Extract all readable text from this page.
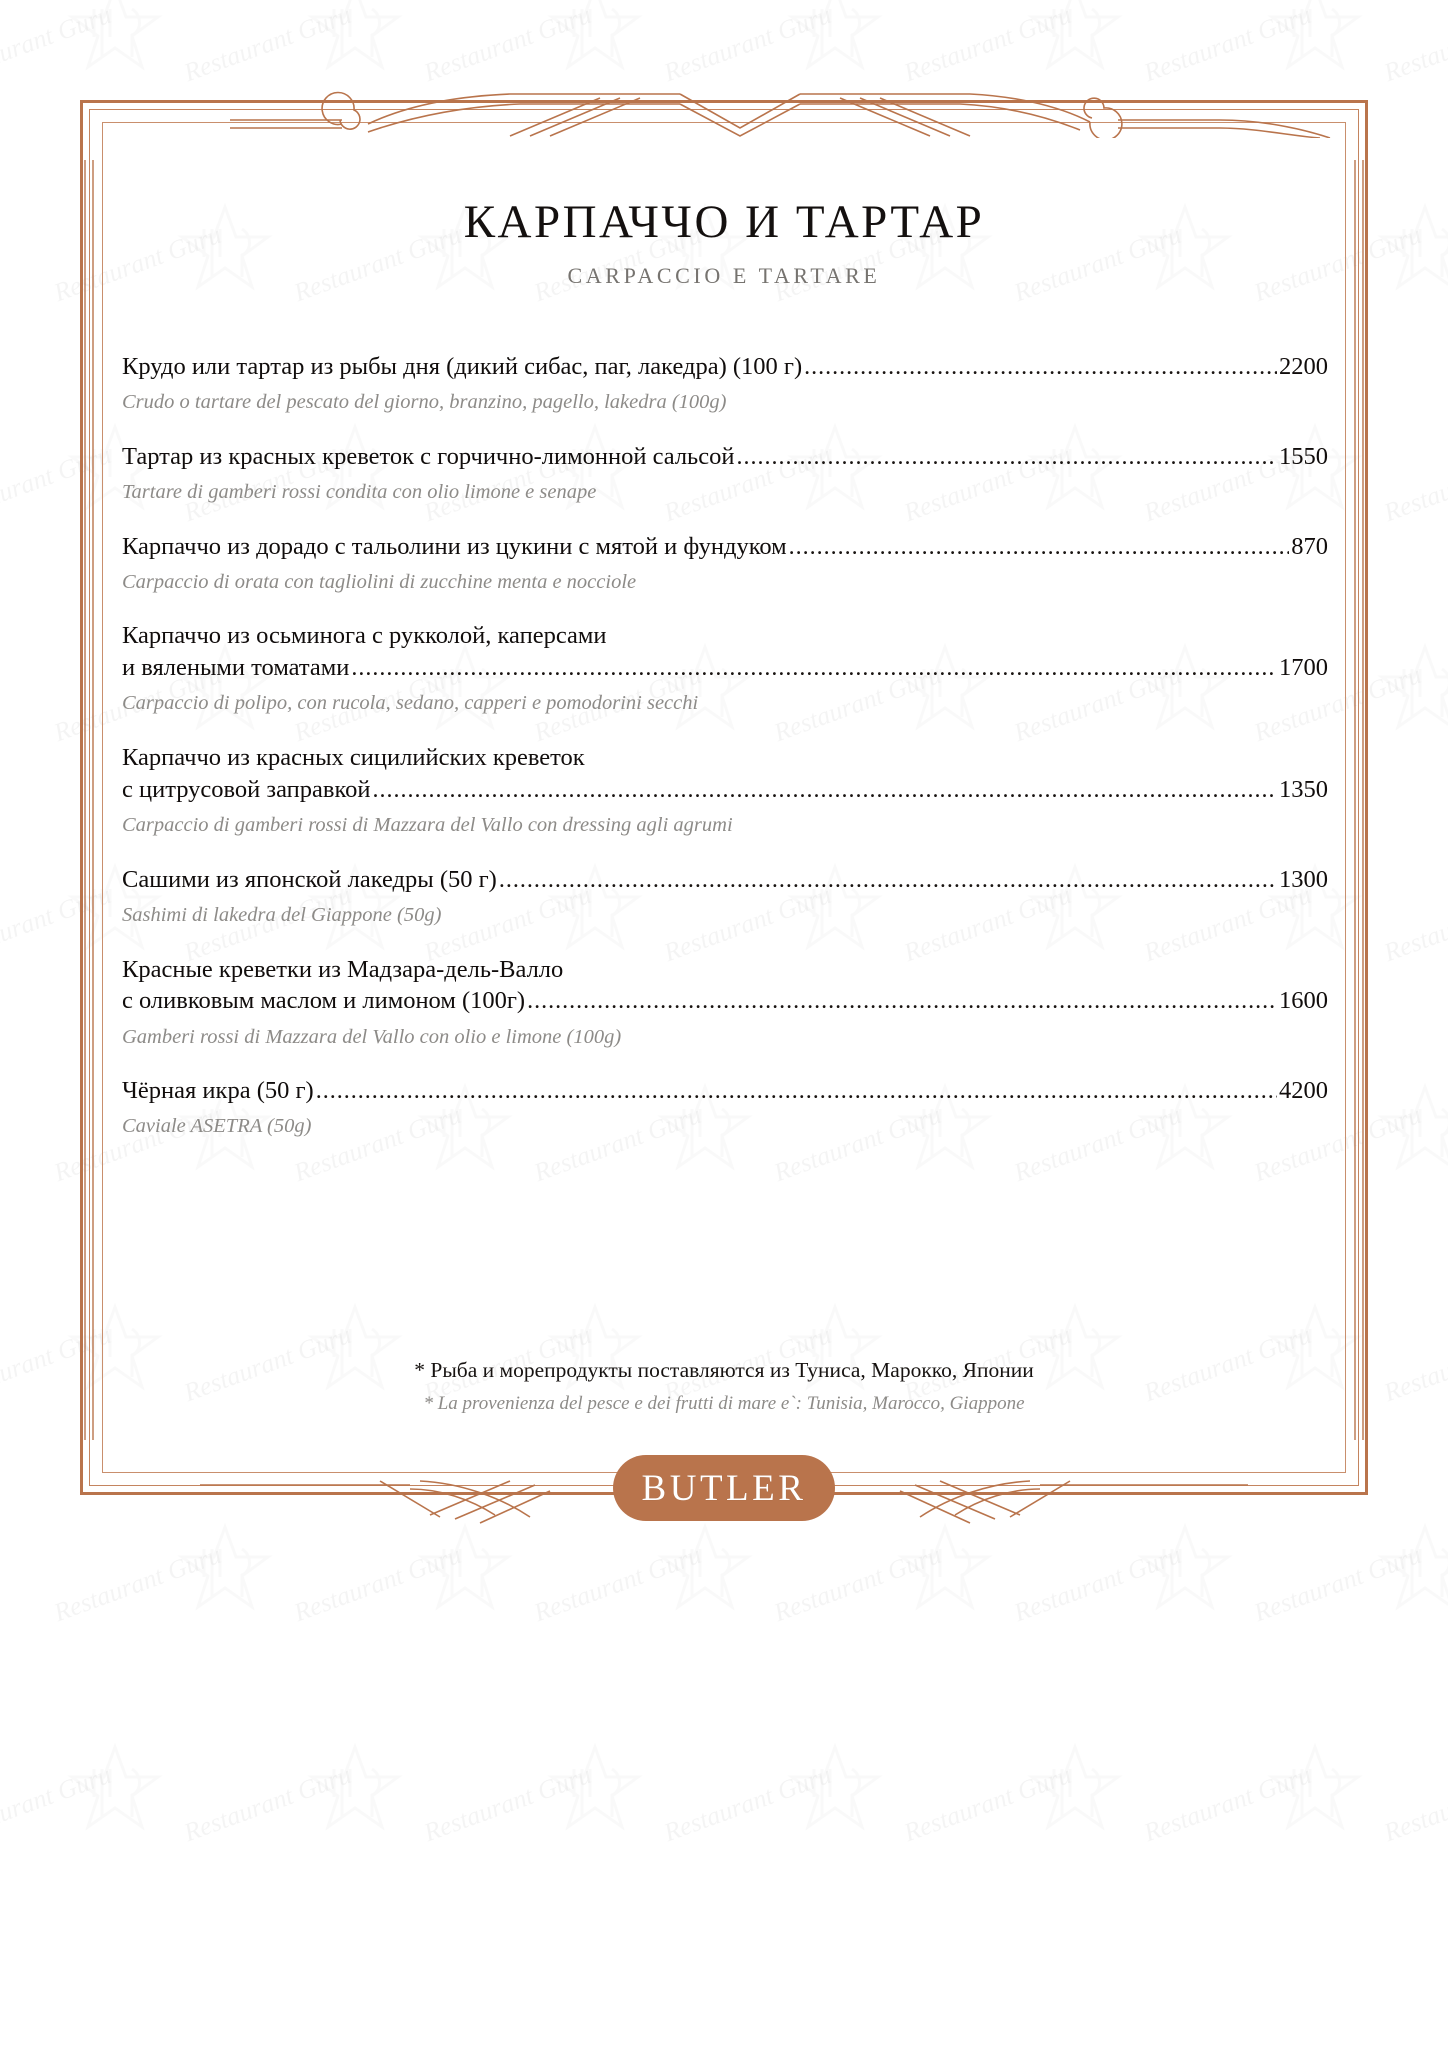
КАРПАЧЧО И ТАРТАР
CARPACCIO E TARTARE
Крудо или тартар из рыбы дня (дикий сибас, паг, лакедра) (100 г) .....	2200
Crudo o tartare del pescato del giorno, branzino, pagello, lakedra (100g)
Тартар из красных креветок с горчично-лимонной сальсой .....	1550
Tartare di gamberi rossi condita con olio limone e senape
Карпаччо из дорадо с тальолини из цукини с мятой и фундуком .....	870
Carpaccio di orata con tagliolini di zucchine menta e nocciole
Карпаччо из осьминога с рукколой, каперсами
и вялеными томатами .....	1700
Carpaccio di polipo, con rucola, sedano, capperi e pomodorini secchi
Карпаччо из красных сицилийских креветок
с цитрусовой заправкой .....	1350
Carpaccio di gamberi rossi di Mazzara del Vallo con dressing agli agrumi
Сашими из японской лакедры (50 г) .....	1300
Sashimi di lakedra del Giappone (50g)
Красные креветки из Мадзара-дель-Валло
с оливковым маслом и лимоном (100г) .....	1600
Gamberi rossi di Mazzara del Vallo con olio e limone (100g)
Чёрная икра (50 г) .....	4200
Caviale ASETRA (50g)
* Рыба и морепродукты поставляются из Туниса, Марокко, Японии
* La provenienza del pesce e dei frutti di mare e`: Tunisia, Marocco, Giappone
BUTLER
